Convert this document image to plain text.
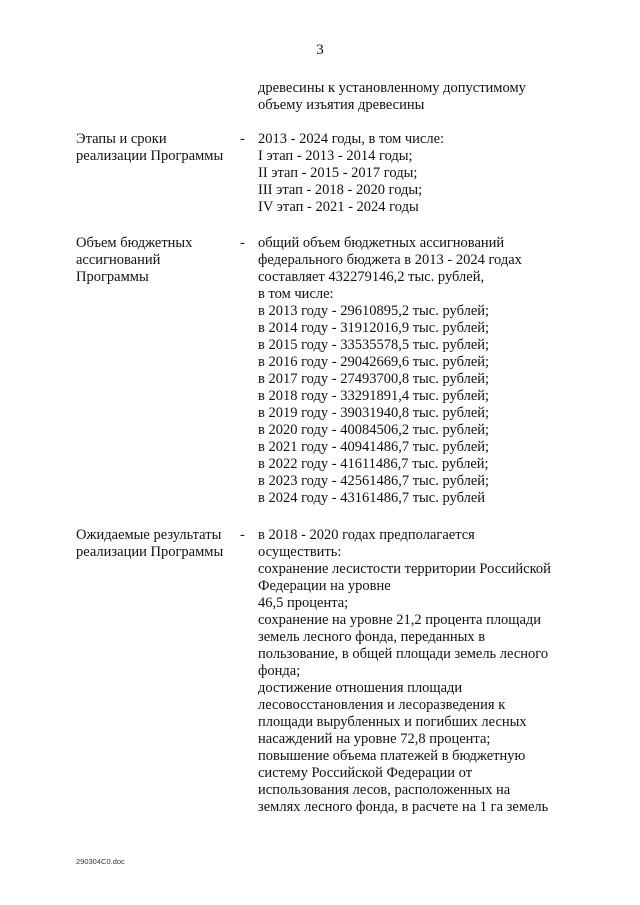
3
древесины к установленному допустимому
объему изъятия древесины
Этапы и сроки
реализации Программы
- 2013 - 2024 годы, в том числе:
I этап - 2013 - 2014 годы;
II этап - 2015 - 2017 годы;
III этап - 2018 - 2020 годы;
IV этап - 2021 - 2024 годы
Объем бюджетных
ассигнований
Программы
- общий объем бюджетных ассигнований
федерального бюджета в 2013 - 2024 годах
составляет 432279146,2 тыс. рублей,
в том числе:
в 2013 году - 29610895,2 тыс. рублей;
в 2014 году - 31912016,9 тыс. рублей;
в 2015 году - 33535578,5 тыс. рублей;
в 2016 году - 29042669,6 тыс. рублей;
в 2017 году - 27493700,8 тыс. рублей;
в 2018 году - 33291891,4 тыс. рублей;
в 2019 году - 39031940,8 тыс. рублей;
в 2020 году - 40084506,2 тыс. рублей;
в 2021 году - 40941486,7 тыс. рублей;
в 2022 году - 41611486,7 тыс. рублей;
в 2023 году - 42561486,7 тыс. рублей;
в 2024 году - 43161486,7 тыс. рублей
Ожидаемые результаты
реализации Программы
- в 2018 - 2020 годах предполагается
осуществить:
сохранение лесистости территории Российской
Федерации на уровне
46,5 процента;
сохранение на уровне 21,2 процента площади
земель лесного фонда, переданных в
пользование, в общей площади земель лесного
фонда;
достижение отношения площади
лесовосстановления и лесоразведения к
площади вырубленных и погибших лесных
насаждений на уровне 72,8 процента;
повышение объема платежей в бюджетную
систему Российской Федерации от
использования лесов, расположенных на
землях лесного фонда, в расчете на 1 га земель
290304C0.doc
